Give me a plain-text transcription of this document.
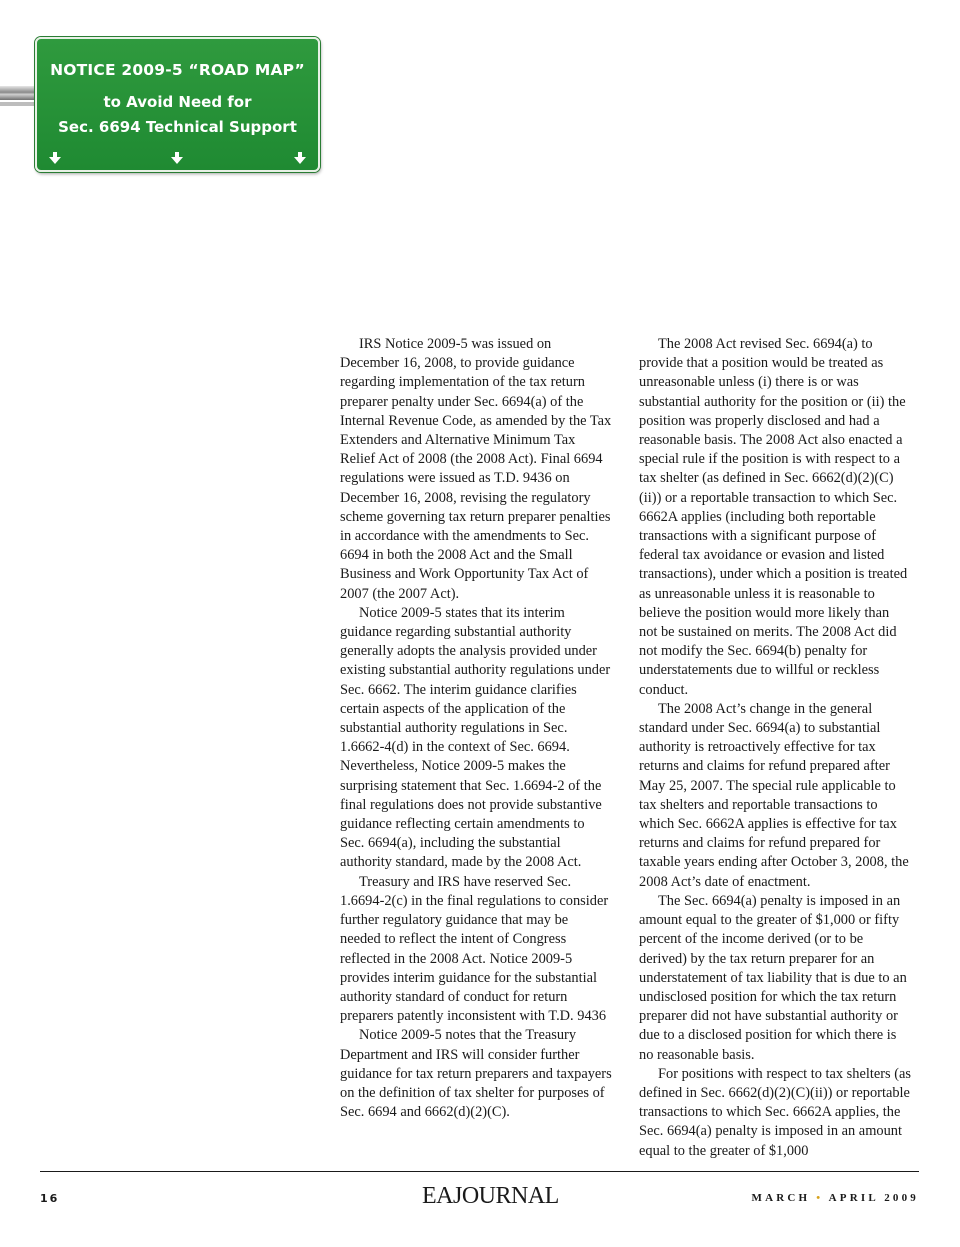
NOTICE 2009-5 “ROAD MAP”
to Avoid Need for
Sec. 6694 Technical Support

IRS Notice 2009-5 was issued on December 16, 2008, to provide guidance regarding implementation of the tax return preparer penalty under Sec. 6694(a) of the Internal Revenue Code, as amended by the Tax Extenders and Alternative Minimum Tax Relief Act of 2008 (the 2008 Act). Final 6694 regulations were issued as T.D. 9436 on December 16, 2008, revising the regulatory scheme governing tax return preparer penalties in accordance with the amendments to Sec. 6694 in both the 2008 Act and the Small Business and Work Opportunity Tax Act of 2007 (the 2007 Act).

Notice 2009-5 states that its interim guidance regarding substantial authority generally adopts the analysis provided under existing substantial authority regulations under Sec. 6662. The interim guidance clarifies certain aspects of the application of the substantial authority regulations in Sec. 1.6662-4(d) in the context of Sec. 6694. Nevertheless, Notice 2009-5 makes the surprising statement that Sec. 1.6694-2 of the final regulations does not provide substantive guidance reflecting certain amendments to Sec. 6694(a), including the substantial authority standard, made by the 2008 Act.

Treasury and IRS have reserved Sec. 1.6694-2(c) in the final regulations to consider further regulatory guidance that may be needed to reflect the intent of Congress reflected in the 2008 Act. Notice 2009-5 provides interim guidance for the substantial authority standard of conduct for return preparers patently inconsistent with T.D. 9436

Notice 2009-5 notes that the Treasury Department and IRS will consider further guidance for tax return preparers and taxpayers on the definition of tax shelter for purposes of Sec. 6694 and 6662(d)(2)(C).

The 2008 Act revised Sec. 6694(a) to provide that a position would be treated as unreasonable unless (i) there is or was substantial authority for the position or (ii) the position was properly disclosed and had a reasonable basis. The 2008 Act also enacted a special rule if the position is with respect to a tax shelter (as defined in Sec. 6662(d)(2)(C)(ii)) or a reportable transaction to which Sec. 6662A applies (including both reportable transactions with a significant purpose of federal tax avoidance or evasion and listed transactions), under which a position is treated as unreasonable unless it is reasonable to believe the position would more likely than not be sustained on merits. The 2008 Act did not modify the Sec. 6694(b) penalty for understatements due to willful or reckless conduct.

The 2008 Act’s change in the general standard under Sec. 6694(a) to substantial authority is retroactively effective for tax returns and claims for refund prepared after May 25, 2007. The special rule applicable to tax shelters and reportable transactions to which Sec. 6662A applies is effective for tax returns and claims for refund prepared for taxable years ending after October 3, 2008, the 2008 Act’s date of enactment.

The Sec. 6694(a) penalty is imposed in an amount equal to the greater of $1,000 or fifty percent of the income derived (or to be derived) by the tax return preparer for an understatement of tax liability that is due to an undisclosed position for which the tax return preparer did not have substantial authority or due to a disclosed position for which there is no reasonable basis.

For positions with respect to tax shelters (as defined in Sec. 6662(d)(2)(C)(ii)) or reportable transactions to which Sec. 6662A applies, the Sec. 6694(a) penalty is imposed in an amount equal to the greater of $1,000

16	EAJOURNAL	MARCH • APRIL 2009
